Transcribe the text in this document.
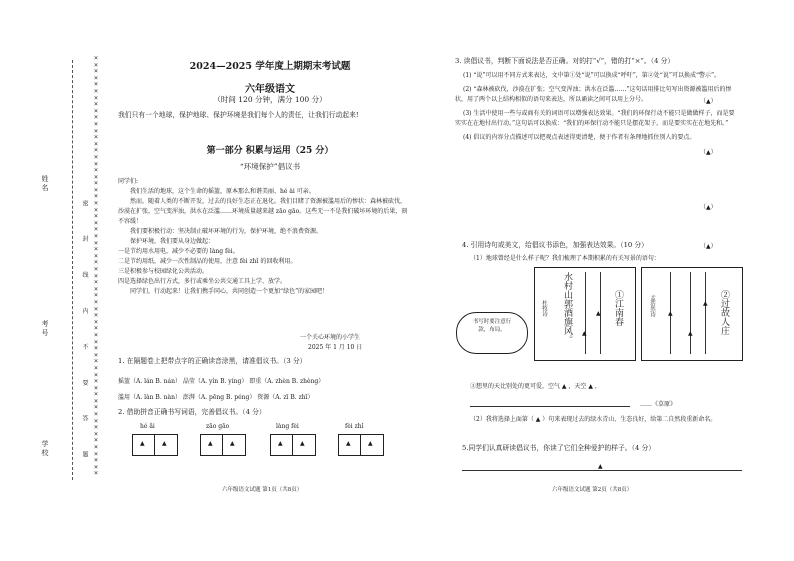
×
×
×
×
×
×
×
×
×
×
×
×
×
×
×
×
×
×
×
×
×
×
×
×
×
×
×
×
×
×
×
×
×
×
×
×
×
×
×
×
×
×
×
×
×
×
×
×
×
×
×
×
×
×
×
×
×
×
×
×
×
×
×
×

姓名
考号
学校	密 封 线 内 不 要 答 题
2024—2025 学年度上期期末考试题
六年级语文
（时间 120 分钟，满分 100 分）
我们只有一个地球，保护地球、保护环境是我们每个人的责任，让我们行动起来!
第一部分 积累与运用（25 分）
“环境保护”倡议书
同学们:
我们生活的地球，这个生命的摇篮，原本那么和谐美丽、hé ài 可亲。
然而，随着人类的不断开发，过去的良好生态正在退化。我们目睹了资源被滥用后的惨状：森林被砍伐，沙漠在扩张，空气变浑浊，洪水在泛滥……环境质量越来越 zāo gāo。这些无一不是我们破坏环境的后果，刻不容缓！
我们要积极行动：坚决制止破坏环境的行为，保护环境，绝不浪费资源。
保护环境，我们要从身边做起：
一是节约用水用电，减少不必要的 làng fèi。
二是节约用纸，减少一次性制品的使用，注意 fèi zhǐ 的回收利用。
三是积极参与校园绿化公共活动。
四是选择绿色出行方式，多行或乘坐公共交通工具上学、放学。
同学们，行动起来！让我们携手同心，共同创造一个更加“绿色”的家园吧！
一个关心环境的小学生
2025 年 1 月 10 日
1. 在隔题卷上把带点字的正确读音涂黑，请准倡议书。（3 分）
摇篮（A. lán B. nán） 晶莹（A. yín B. yíng） 即重（A. zhèn B. zhèng）
滥用（A. làn B. nàn） 澎湃（A. pēng B. péng） 资源（A. zī B. zhī）
2. 借助拼音正确书写词语，完善倡议书。（4 分）
hé ǎi	zāo gāo	làng fèi	fèi zhǐ
▲	▲	▲	▲	▲	▲	▲	▲
六年级语文试题 第1页（共8页）
3. 读倡议书，判断下面说法是否正确。对的打“√”，错的打“×”。（4 分）
(1) “说”可以用不同方式来表达，文中第①处“说”可以换成“呼吁”，第②处“说”可以换成“警示”。
(2) “森林被砍伐，沙漠在扩张；空气变浑浊；洪水在泛滥……”这句话用排比句写出资源被滥用后的惨状，用了两个以上结构相似的语句来表达，所以诵读之间可以用上分号。
(3) 生活中使用一些与或商有关的词语可以增强表达效果。“我们的环保行动不能只是做做样子，而是要实实在在地付出行动。”这句话可以换成：“我们的环保行动不能只是摆花架子，而是要实实在在地先和。”
(4) 倡议的内容分点描述可以把观点表述得更清楚，便于作者有条理地抓住别人的要点。
（▲）
（▲）
（▲）
（▲）
4. 引用诗句或美文，给倡议书添色，加强表达效果。（10 分）
（1）地球曾经是什么样子呢？我们梳理了本期积累的有关写景的语句：
杜牧诗 水村山郭酒旗风。	①江南春	孟浩然诗	②过故人庄
▲
▲	▲
▲
▲
书写时要注意行款，布局。
③想里的天比别处的更可爱，空气 ▲ ，天空 ▲ ，
……《草原》
（2）我将选择上面第（ ▲ ）句来表现过去的绿水青山、生态良好，给第二自然段重新命名。
5.同学们认真研读倡议书，你读了它们全种爱护的样子。（4 分）
▲
六年级语文试题 第2页（共8页）
